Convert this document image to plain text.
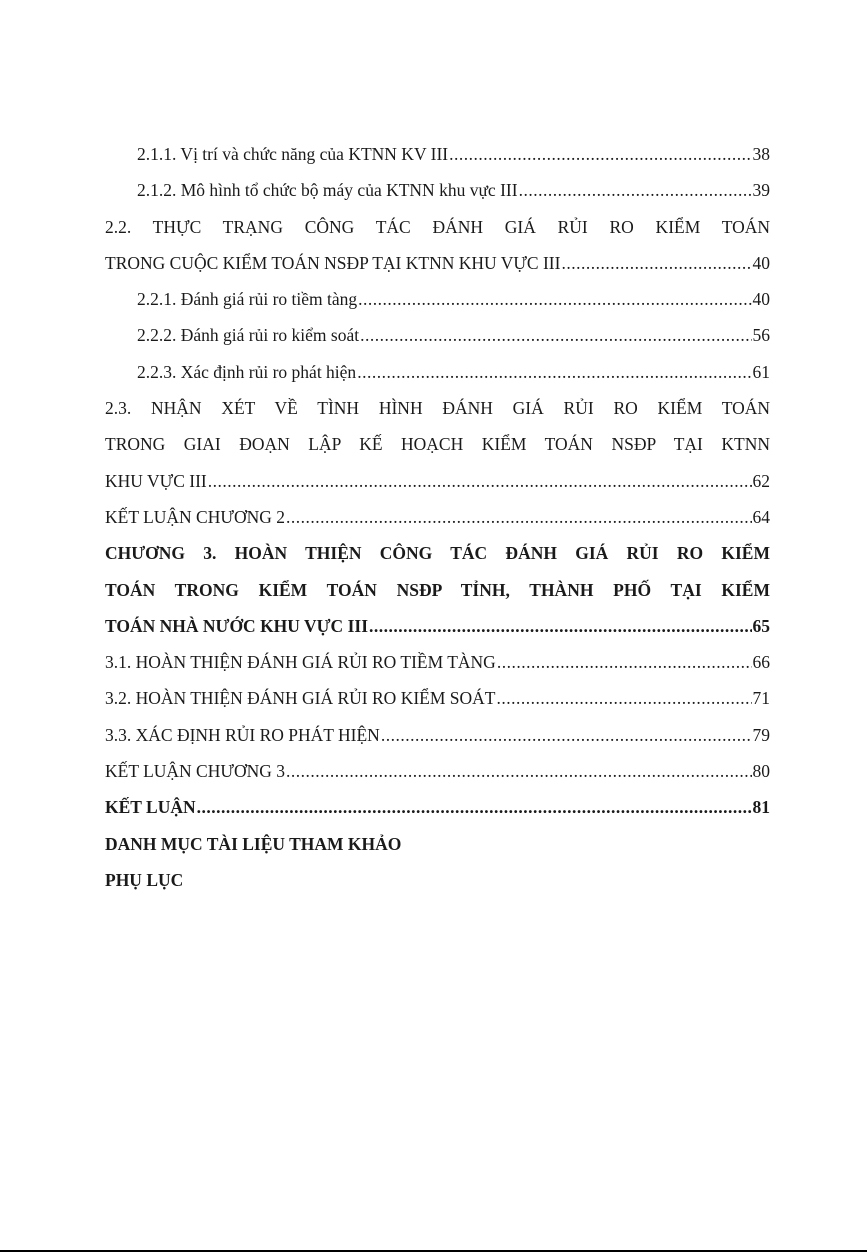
2.1.1. Vị trí và chức năng của KTNN KV III .....	38
2.1.2. Mô hình tổ chức bộ máy của KTNN khu vực III .....	39
2.2. THỰC TRẠNG CÔNG TÁC ĐÁNH GIÁ RỦI RO KIỂM TOÁN
TRONG CUỘC KIỂM TOÁN NSĐP TẠI KTNN KHU VỰC III .....	40
2.2.1. Đánh giá rủi ro tiềm tàng .....	40
2.2.2. Đánh giá rủi ro kiểm soát .....	56
2.2.3. Xác định rủi ro phát hiện .....	61
2.3. NHẬN XÉT VỀ TÌNH HÌNH ĐÁNH GIÁ RỦI RO KIỂM TOÁN
TRONG GIAI ĐOẠN LẬP KẾ HOẠCH KIỂM TOÁN NSĐP TẠI KTNN
KHU VỰC III .....	62
KẾT LUẬN CHƯƠNG 2 .....	64
CHƯƠNG 3. HOÀN THIỆN CÔNG TÁC ĐÁNH GIÁ RỦI RO KIỂM
TOÁN TRONG KIỂM TOÁN NSĐP TỈNH, THÀNH PHỐ TẠI KIỂM
TOÁN NHÀ NƯỚC KHU VỰC III .....	65
3.1. HOÀN THIỆN ĐÁNH GIÁ RỦI RO TIỀM TÀNG .....	66
3.2. HOÀN THIỆN ĐÁNH GIÁ RỦI RO KIỂM SOÁT .....	71
3.3. XÁC ĐỊNH RỦI RO PHÁT HIỆN .....	79
KẾT LUẬN CHƯƠNG 3 .....	80
KẾT LUẬN .....	81
DANH MỤC TÀI LIỆU THAM KHẢO
PHỤ LỤC
